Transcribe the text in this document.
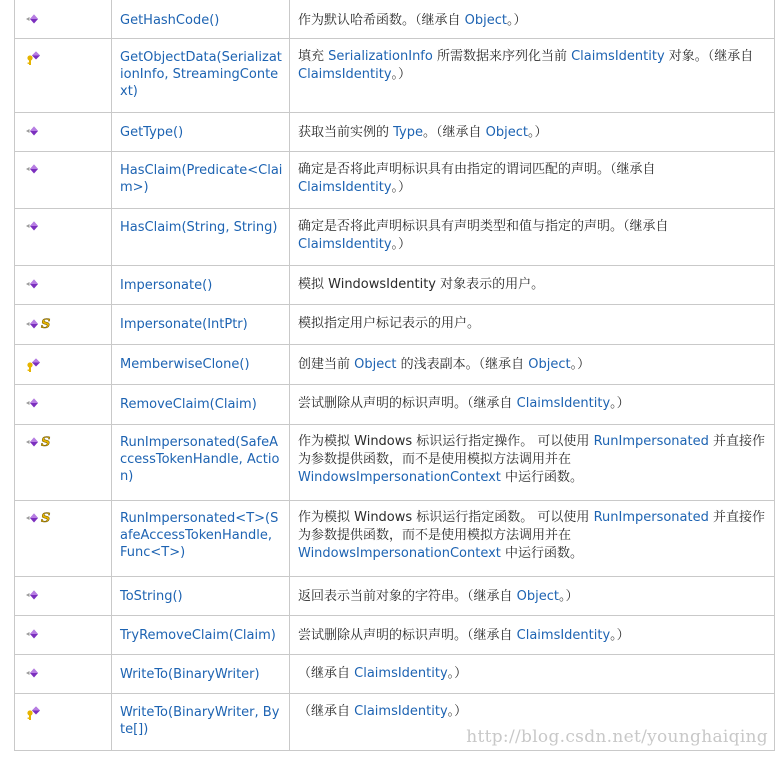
GetHashCode()	作为默认哈希函数。（继承自 Object。）

GetObjectData(SerializationInfo, StreamingContext)	填充 SerializationInfo 所需数据来序列化当前 ClaimsIdentity 对象。（继承自 ClaimsIdentity。）

GetType()	获取当前实例的 Type。（继承自 Object。）

HasClaim(Predicate<Claim>)	确定是否将此声明标识具有由指定的谓词匹配的声明。（继承自 ClaimsIdentity。）

HasClaim(String, String)	确定是否将此声明标识具有声明类型和值与指定的声明。（继承自 ClaimsIdentity。）

Impersonate()	模拟 WindowsIdentity 对象表示的用户。

S	Impersonate(IntPtr)	模拟指定用户标记表示的用户。

MemberwiseClone()	创建当前 Object 的浅表副本。（继承自 Object。）

RemoveClaim(Claim)	尝试删除从声明的标识声明。（继承自 ClaimsIdentity。）

S	RunImpersonated(SafeAccessTokenHandle, Action)	作为模拟 Windows 标识运行指定操作。 可以使用 RunImpersonated 并直接作为参数提供函数，而不是使用模拟方法调用并在 WindowsImpersonationContext 中运行函数。

S	RunImpersonated<T>(SafeAccessTokenHandle, Func<T>)	作为模拟 Windows 标识运行指定函数。 可以使用 RunImpersonated 并直接作为参数提供函数，而不是使用模拟方法调用并在 WindowsImpersonationContext 中运行函数。

ToString()	返回表示当前对象的字符串。（继承自 Object。）

TryRemoveClaim(Claim)	尝试删除从声明的标识声明。（继承自 ClaimsIdentity。）

WriteTo(BinaryWriter)	（继承自 ClaimsIdentity。）

WriteTo(BinaryWriter, Byte[])	（继承自 ClaimsIdentity。）
http://blog.csdn.net/younghaiqing
